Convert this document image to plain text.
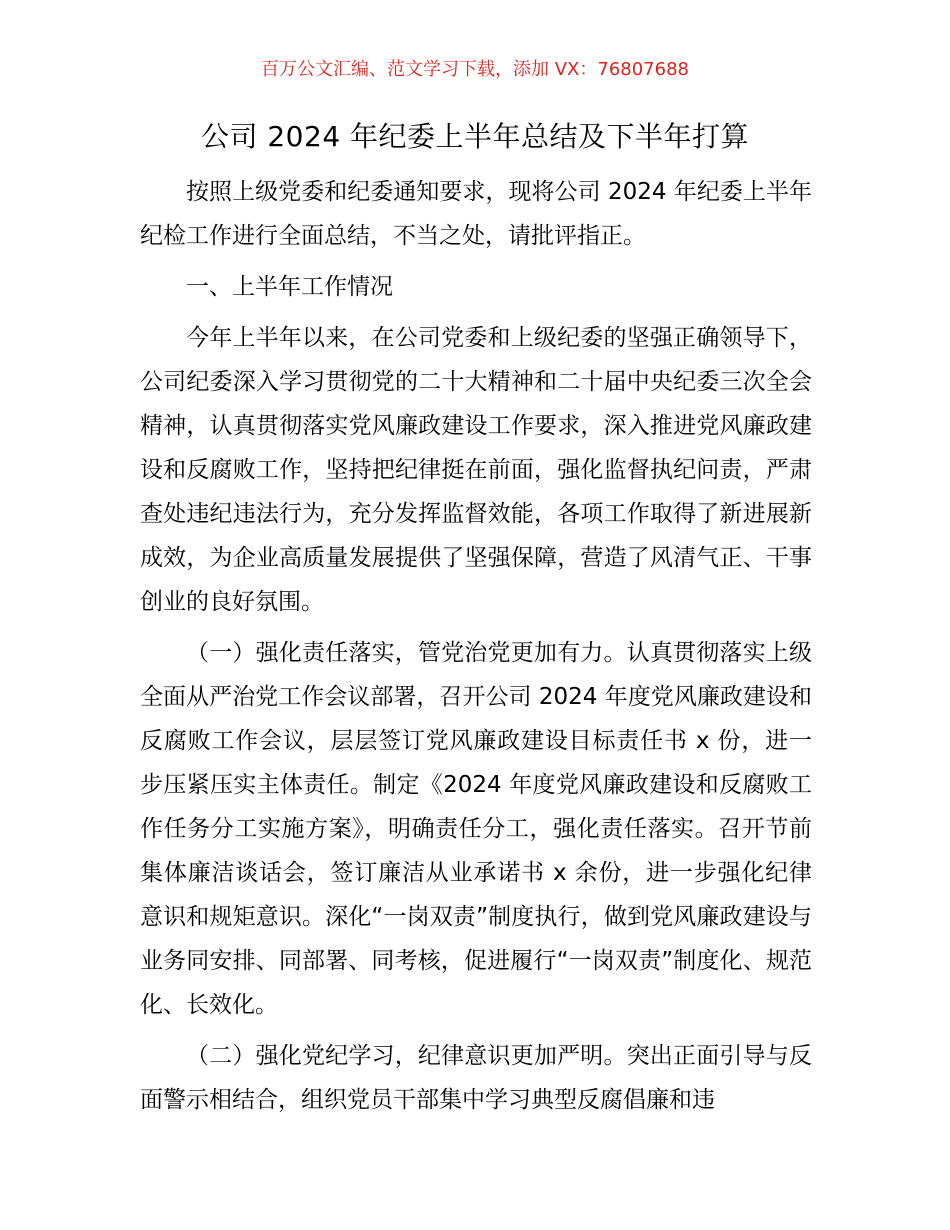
百万公文汇编、范文学习下载，添加 VX：76807688
公司 2024 年纪委上半年总结及下半年打算

按照上级党委和纪委通知要求，现将公司 2024 年纪委上半年纪检工作进行全面总结，不当之处，请批评指正。

一、上半年工作情况

今年上半年以来，在公司党委和上级纪委的坚强正确领导下，公司纪委深入学习贯彻党的二十大精神和二十届中央纪委三次全会精神，认真贯彻落实党风廉政建设工作要求，深入推进党风廉政建设和反腐败工作，坚持把纪律挺在前面，强化监督执纪问责，严肃查处违纪违法行为，充分发挥监督效能，各项工作取得了新进展新成效，为企业高质量发展提供了坚强保障，营造了风清气正、干事创业的良好氛围。

（一）强化责任落实，管党治党更加有力。认真贯彻落实上级全面从严治党工作会议部署，召开公司 2024 年度党风廉政建设和反腐败工作会议，层层签订党风廉政建设目标责任书 x 份，进一步压紧压实主体责任。制定《2024 年度党风廉政建设和反腐败工作任务分工实施方案》，明确责任分工，强化责任落实。召开节前集体廉洁谈话会，签订廉洁从业承诺书 x 余份，进一步强化纪律意识和规矩意识。深化“一岗双责”制度执行，做到党风廉政建设与业务同安排、同部署、同考核，促进履行“一岗双责”制度化、规范化、长效化。

（二）强化党纪学习，纪律意识更加严明。突出正面引导与反面警示相结合，组织党员干部集中学习典型反腐倡廉和违
